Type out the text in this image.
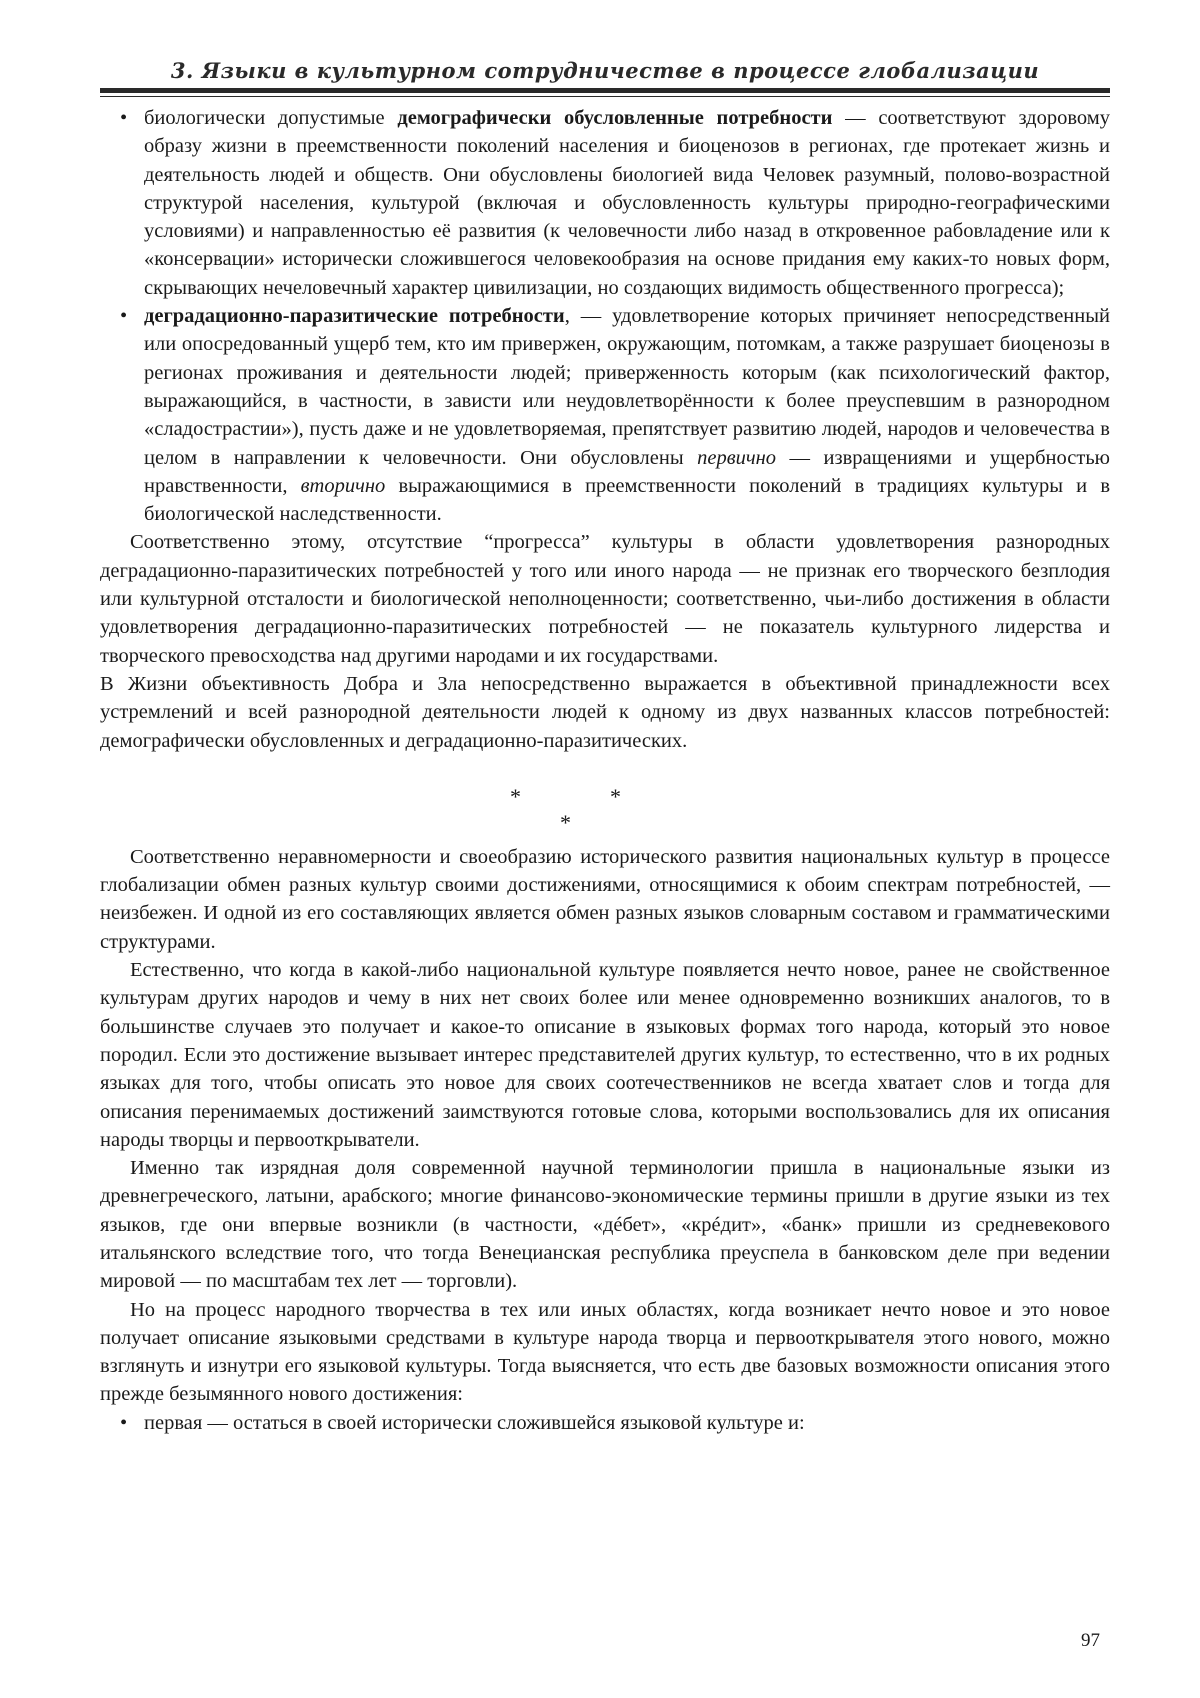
3. Языки в культурном сотрудничестве в процессе глобализации

• биологически допустимые демографически обусловленные потребности — соответствуют здоровому образу жизни в преемственности поколений населения и биоценозов в регионах, где протекает жизнь и деятельность людей и обществ. Они обусловлены биологией вида Человек разумный, полово-возрастной структурой населения, культурой (включая и обусловленность культуры природно-географическими условиями) и направленностью её развития (к человечности либо назад в откровенное рабовладение или к «консервации» исторически сложившегося человекообразия на основе придания ему каких-то новых форм, скрывающих нечеловечный характер цивилизации, но создающих видимость общественного прогресса);

• деградационно-паразитические потребности, — удовлетворение которых причиняет непосредственный или опосредованный ущерб тем, кто им привержен, окружающим, потомкам, а также разрушает биоценозы в регионах проживания и деятельности людей; приверженность которым (как психологический фактор, выражающийся, в частности, в зависти или неудовлетворённости к более преуспевшим в разнородном «сладострастии»), пусть даже и не удовлетворяемая, препятствует развитию людей, народов и человечества в целом в направлении к человечности. Они обусловлены первично — извращениями и ущербностью нравственности, вторично выражающимися в преемственности поколений в традициях культуры и в биологической наследственности.

Соответственно этому, отсутствие “прогресса” культуры в области удовлетворения разнородных деградационно-паразитических потребностей у того или иного народа — не признак его творческого безплодия или культурной отсталости и биологической неполноценности; соответственно, чьи-либо достижения в области удовлетворения деградационно-паразитических потребностей — не показатель культурного лидерства и творческого превосходства над другими народами и их государствами.

В Жизни объективность Добра и Зла непосредственно выражается в объективной принадлежности всех устремлений и всей разнородной деятельности людей к одному из двух названных классов потребностей: демографически обусловленных и деградационно-паразитических.

*	*
*

Соответственно неравномерности и своеобразию исторического развития национальных культур в процессе глобализации обмен разных культур своими достижениями, относящимися к обоим спектрам потребностей, — неизбежен. И одной из его составляющих является обмен разных языков словарным составом и грамматическими структурами.

Естественно, что когда в какой-либо национальной культуре появляется нечто новое, ранее не свойственное культурам других народов и чему в них нет своих более или менее одновременно возникших аналогов, то в большинстве случаев это получает и какое-то описание в языковых формах того народа, который это новое породил. Если это достижение вызывает интерес представителей других культур, то естественно, что в их родных языках для того, чтобы описать это новое для своих соотечественников не всегда хватает слов и тогда для описания перенимаемых достижений заимствуются готовые слова, которыми воспользовались для их описания народы творцы и первооткрыватели.

Именно так изрядная доля современной научной терминологии пришла в национальные языки из древнегреческого, латыни, арабского; многие финансово-экономические термины пришли в другие языки из тех языков, где они впервые возникли (в частности, «дéбет», «крéдит», «банк» пришли из средневекового итальянского вследствие того, что тогда Венецианская республика преуспела в банковском деле при ведении мировой — по масштабам тех лет — торговли).

Но на процесс народного творчества в тех или иных областях, когда возникает нечто новое и это новое получает описание языковыми средствами в культуре народа творца и первооткрывателя этого нового, можно взглянуть и изнутри его языковой культуры. Тогда выясняется, что есть две базовых возможности описания этого прежде безымянного нового достижения:

• первая — остаться в своей исторически сложившейся языковой культуре и:

97
